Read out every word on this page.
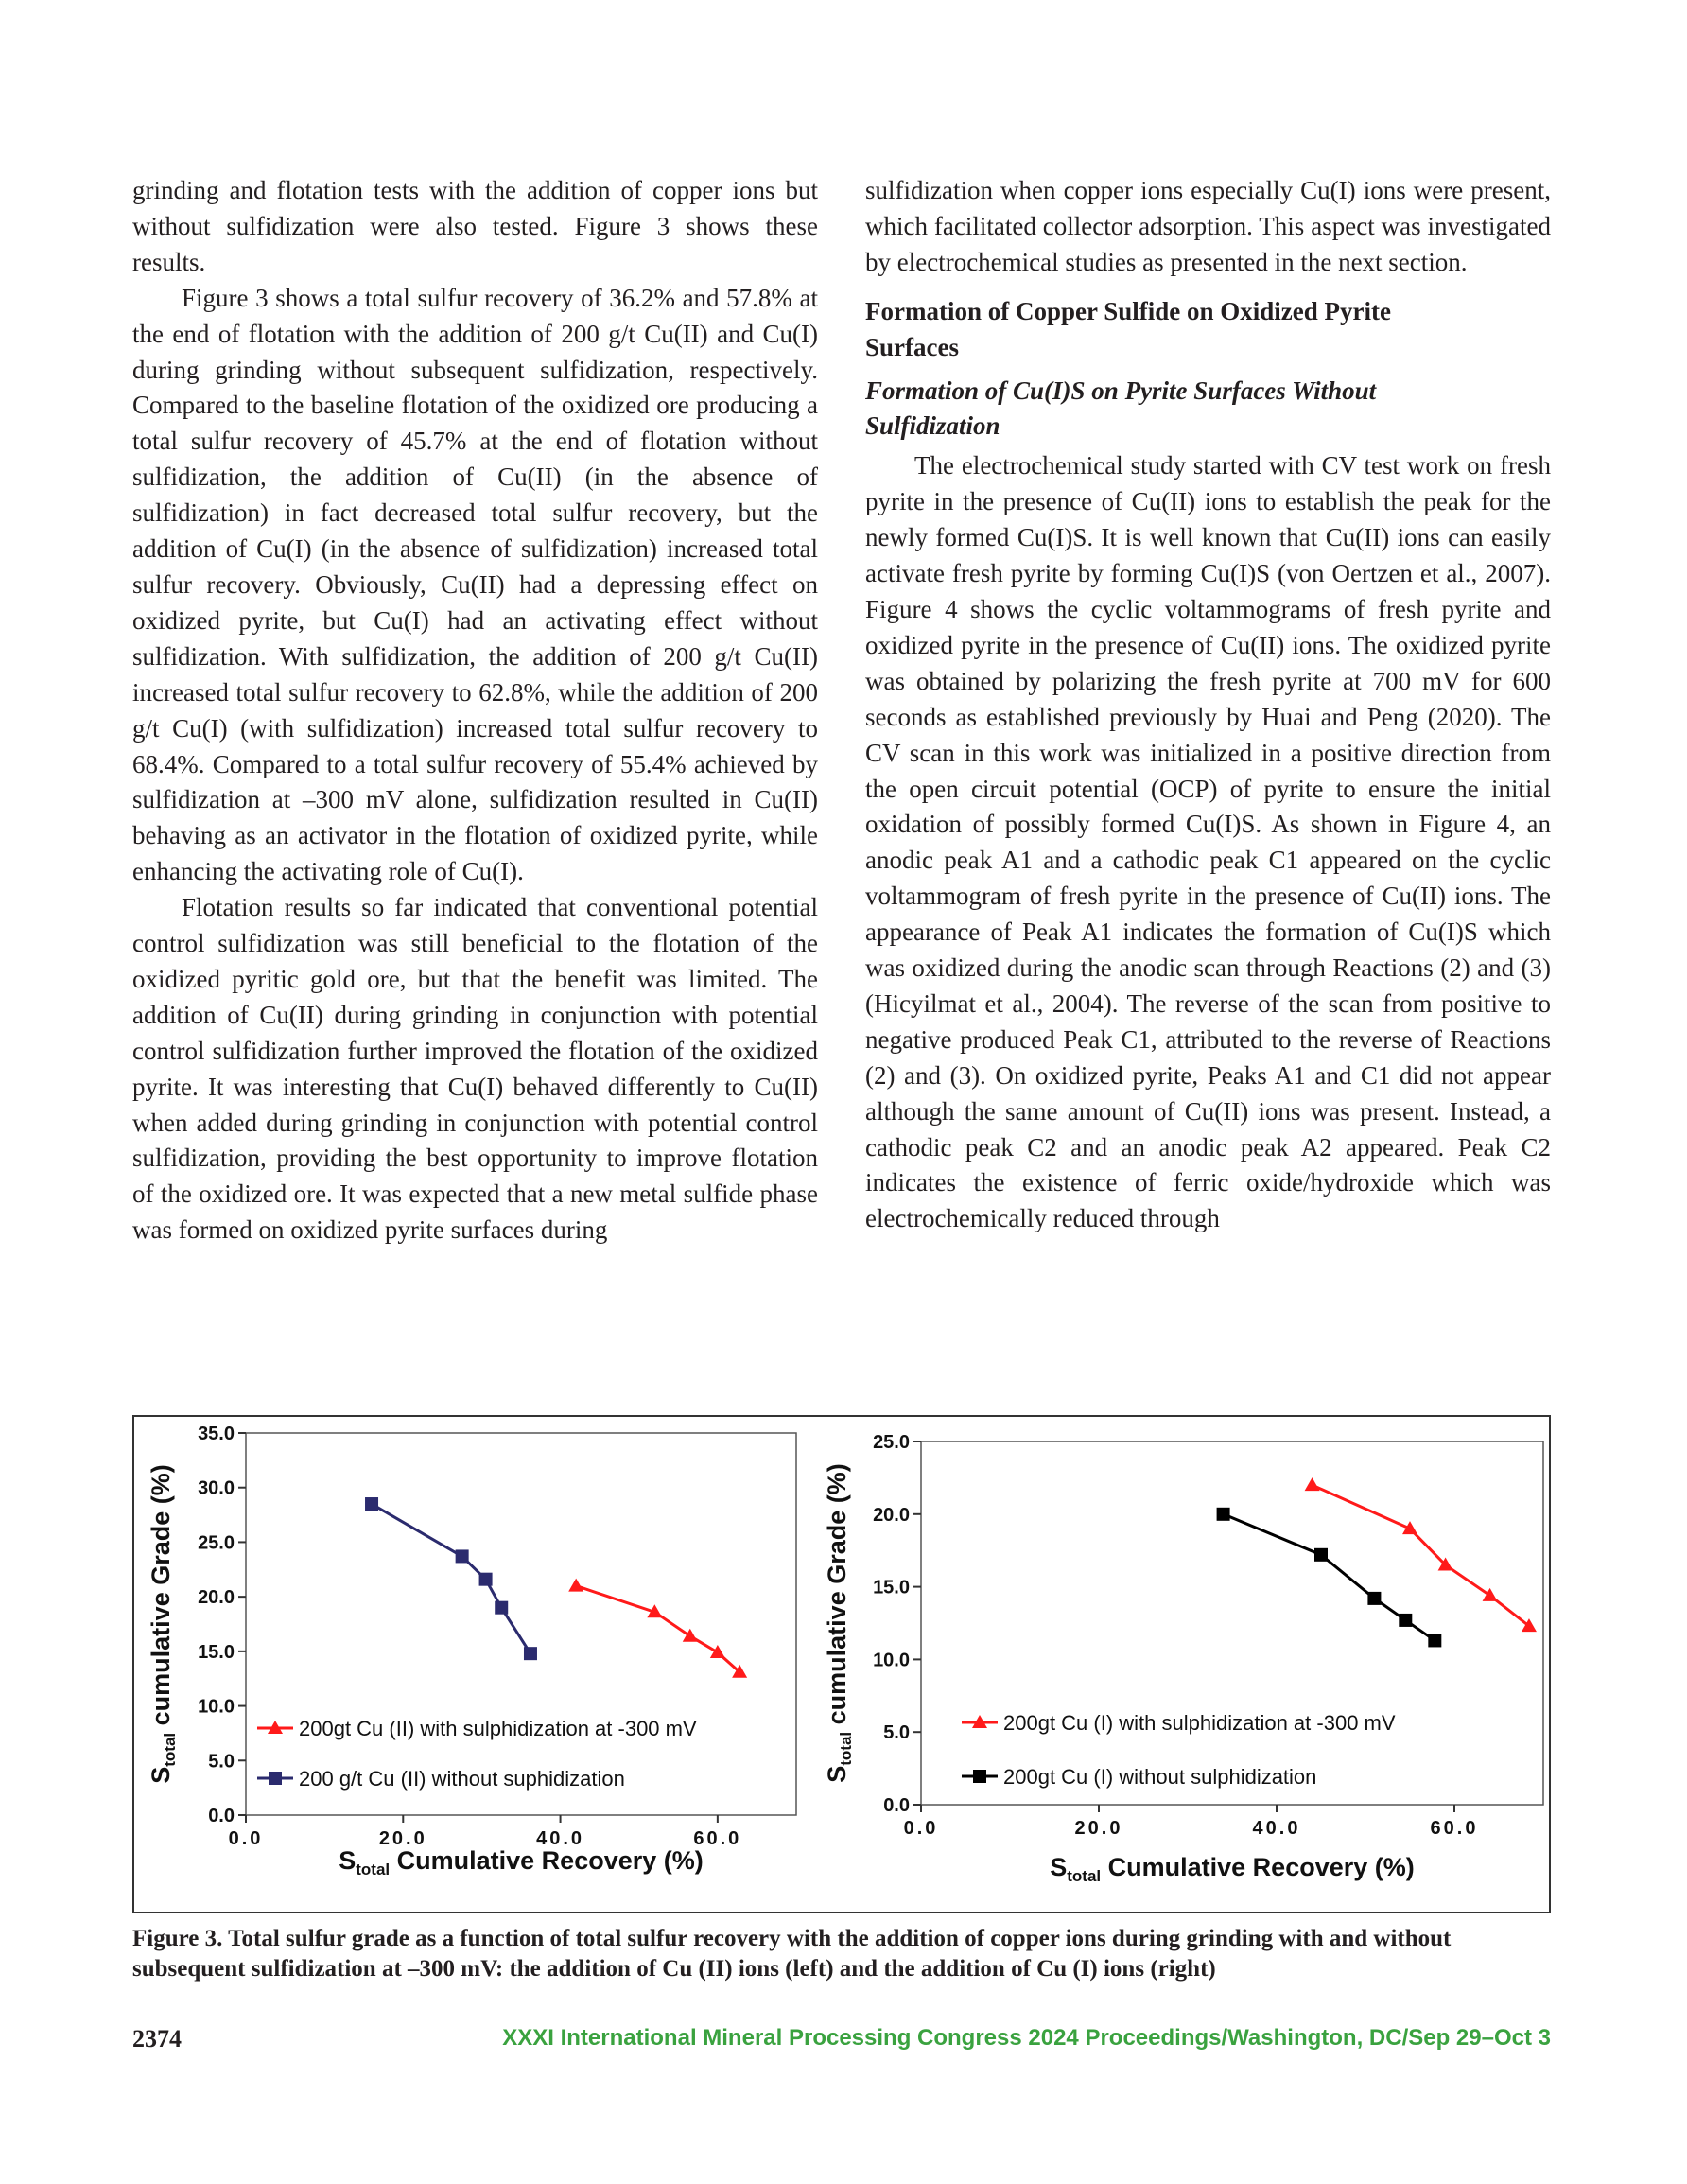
grinding and flotation tests with the addition of copper ions but without sulfidization were also tested. Figure 3 shows these results.

Figure 3 shows a total sulfur recovery of 36.2% and 57.8% at the end of flotation with the addition of 200 g/t Cu(II) and Cu(I) during grinding without subsequent sulfidization, respectively. Compared to the baseline flotation of the oxidized ore producing a total sulfur recovery of 45.7% at the end of flotation without sulfidization, the addition of Cu(II) (in the absence of sulfidization) in fact decreased total sulfur recovery, but the addition of Cu(I) (in the absence of sulfidization) increased total sulfur recovery. Obviously, Cu(II) had a depressing effect on oxidized pyrite, but Cu(I) had an activating effect without sulfidization. With sulfidization, the addition of 200 g/t Cu(II) increased total sulfur recovery to 62.8%, while the addition of 200 g/t Cu(I) (with sulfidization) increased total sulfur recovery to 68.4%. Compared to a total sulfur recovery of 55.4% achieved by sulfidization at –300 mV alone, sulfidization resulted in Cu(II) behaving as an activator in the flotation of oxidized pyrite, while enhancing the activating role of Cu(I).

Flotation results so far indicated that conventional potential control sulfidization was still beneficial to the flotation of the oxidized pyritic gold ore, but that the benefit was limited. The addition of Cu(II) during grinding in conjunction with potential control sulfidization further improved the flotation of the oxidized pyrite. It was interesting that Cu(I) behaved differently to Cu(II) when added during grinding in conjunction with potential control sulfidization, providing the best opportunity to improve flotation of the oxidized ore. It was expected that a new metal sulfide phase was formed on oxidized pyrite surfaces during

sulfidization when copper ions especially Cu(I) ions were present, which facilitated collector adsorption. This aspect was investigated by electrochemical studies as presented in the next section.

Formation of Copper Sulfide on Oxidized Pyrite Surfaces

Formation of Cu(I)S on Pyrite Surfaces Without Sulfidization

The electrochemical study started with CV test work on fresh pyrite in the presence of Cu(II) ions to establish the peak for the newly formed Cu(I)S. It is well known that Cu(II) ions can easily activate fresh pyrite by forming Cu(I)S (von Oertzen et al., 2007). Figure 4 shows the cyclic voltammograms of fresh pyrite and oxidized pyrite in the presence of Cu(II) ions. The oxidized pyrite was obtained by polarizing the fresh pyrite at 700 mV for 600 seconds as established previously by Huai and Peng (2020). The CV scan in this work was initialized in a positive direction from the open circuit potential (OCP) of pyrite to ensure the initial oxidation of possibly formed Cu(I)S. As shown in Figure 4, an anodic peak A1 and a cathodic peak C1 appeared on the cyclic voltammogram of fresh pyrite in the presence of Cu(II) ions. The appearance of Peak A1 indicates the formation of Cu(I)S which was oxidized during the anodic scan through Reactions (2) and (3) (Hicyilmat et al., 2004). The reverse of the scan from positive to negative produced Peak C1, attributed to the reverse of Reactions (2) and (3). On oxidized pyrite, Peaks A1 and C1 did not appear although the same amount of Cu(II) ions was present. Instead, a cathodic peak C2 and an anodic peak A2 appeared. Peak C2 indicates the existence of ferric oxide/hydroxide which was electrochemically reduced through

0.0
5.0
10.0
15.0
20.0
25.0
30.0
35.0
0.0	20.0	40.0	60.0
$S_{total}$ Cumulative Recovery (%)
$S_{total}$ cumulative Grade (%)	200gt Cu (II) with sulphidization at -300 mV
200 g/t Cu (II) without suphidization
0.0
5.0
10.0
15.0
20.0
25.0
0.0	20.0	40.0	60.0
$S_{total}$ Cumulative Recovery (%)
$S_{total}$ cumulative Grade (%)	200gt Cu (I) with sulphidization at -300 mV
200gt Cu (I) without sulphidization
Figure 3. Total sulfur grade as a function of total sulfur recovery with the addition of copper ions during grinding with and without subsequent sulfidization at –300 mV: the addition of Cu (II) ions (left) and the addition of Cu (I) ions (right)
2374	XXXI International Mineral Processing Congress 2024 Proceedings/Washington, DC/Sep 29–Oct 3
